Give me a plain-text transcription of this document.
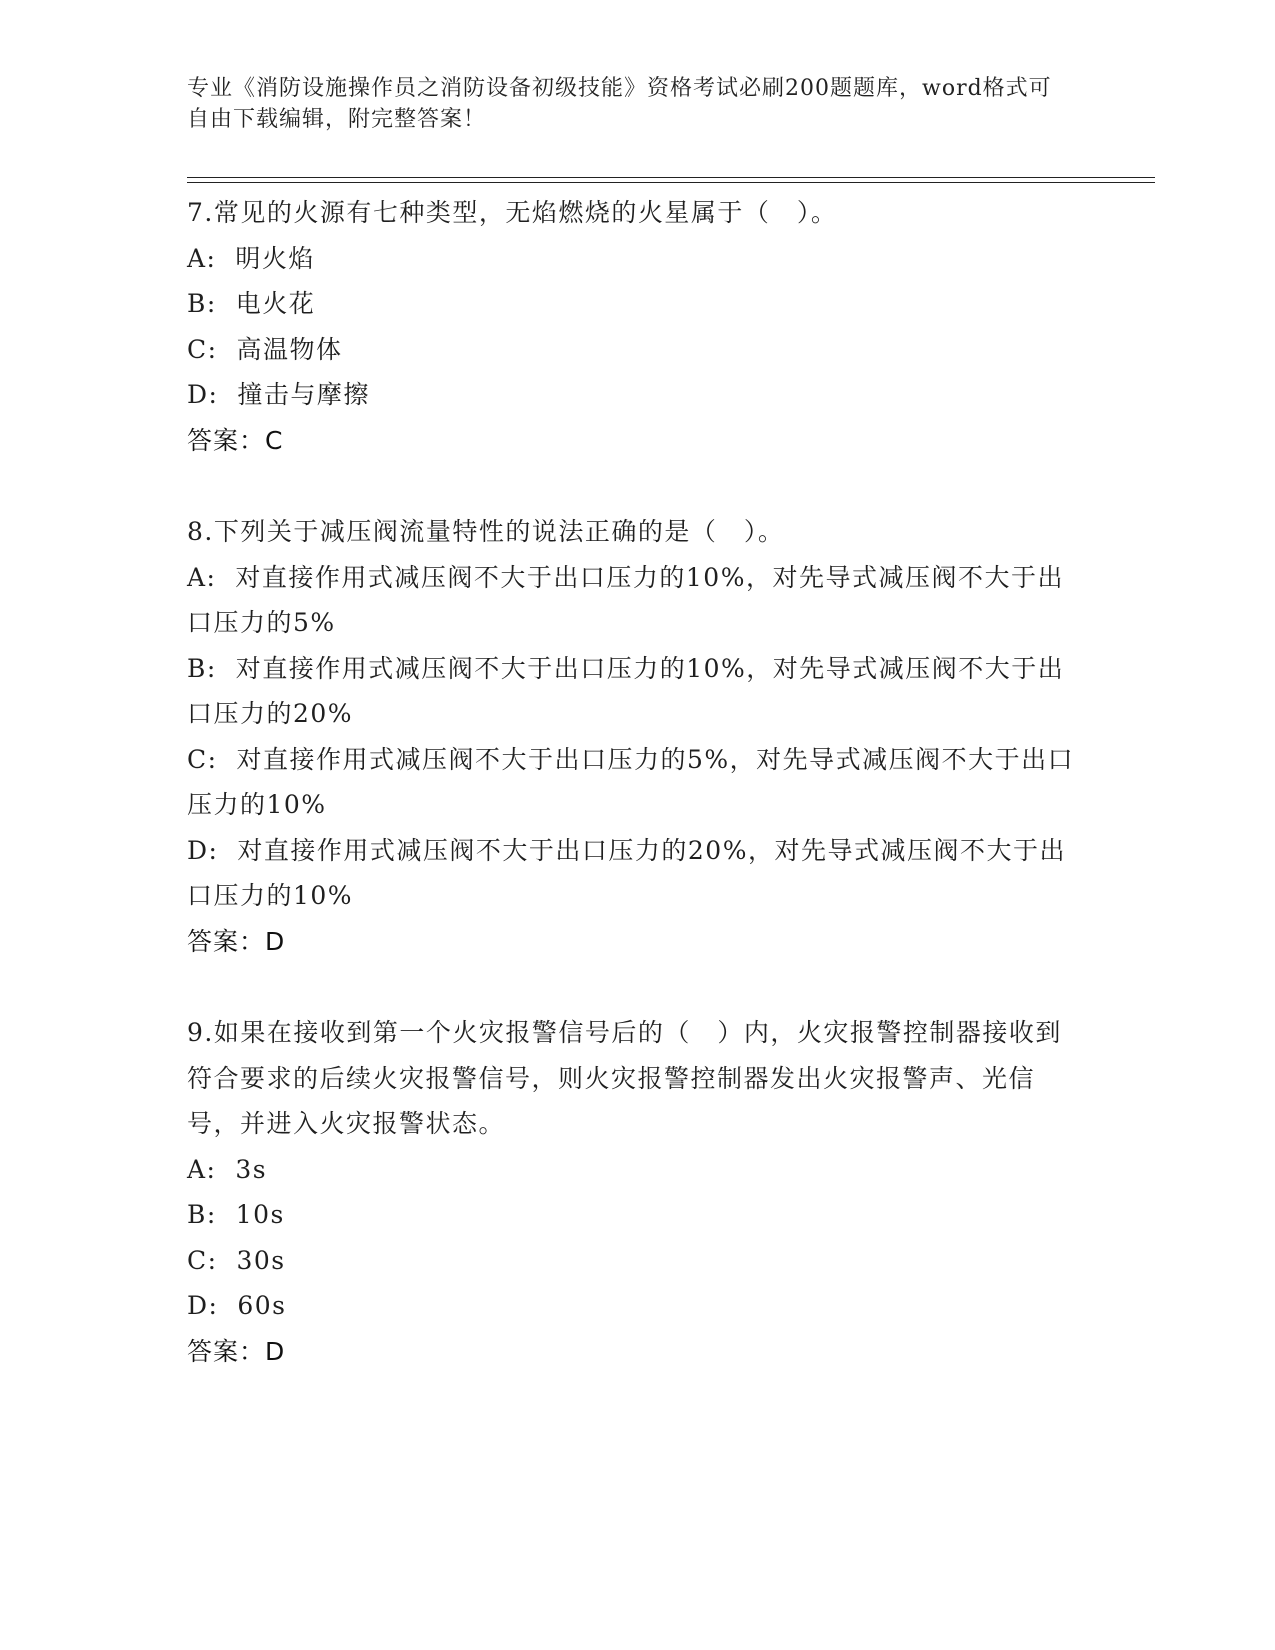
专业《消防设施操作员之消防设备初级技能》资格考试必刷200题题库，word格式可自由下载编辑，附完整答案！
7.常见的火源有七种类型，无焰燃烧的火星属于（　）。
A:  明火焰
B:  电火花
C:  高温物体
D:  撞击与摩擦
答案：C
8.下列关于减压阀流量特性的说法正确的是（　）。
A:  对直接作用式减压阀不大于出口压力的10%，对先导式减压阀不大于出口压力的5%
B:  对直接作用式减压阀不大于出口压力的10%，对先导式减压阀不大于出口压力的20%
C:  对直接作用式减压阀不大于出口压力的5%，对先导式减压阀不大于出口压力的10%
D:  对直接作用式减压阀不大于出口压力的20%，对先导式减压阀不大于出口压力的10%
答案：D
9.如果在接收到第一个火灾报警信号后的（　）内，火灾报警控制器接收到符合要求的后续火灾报警信号，则火灾报警控制器发出火灾报警声、光信号，并进入火灾报警状态。
A:  3s
B:  10s
C:  30s
D:  60s
答案：D
